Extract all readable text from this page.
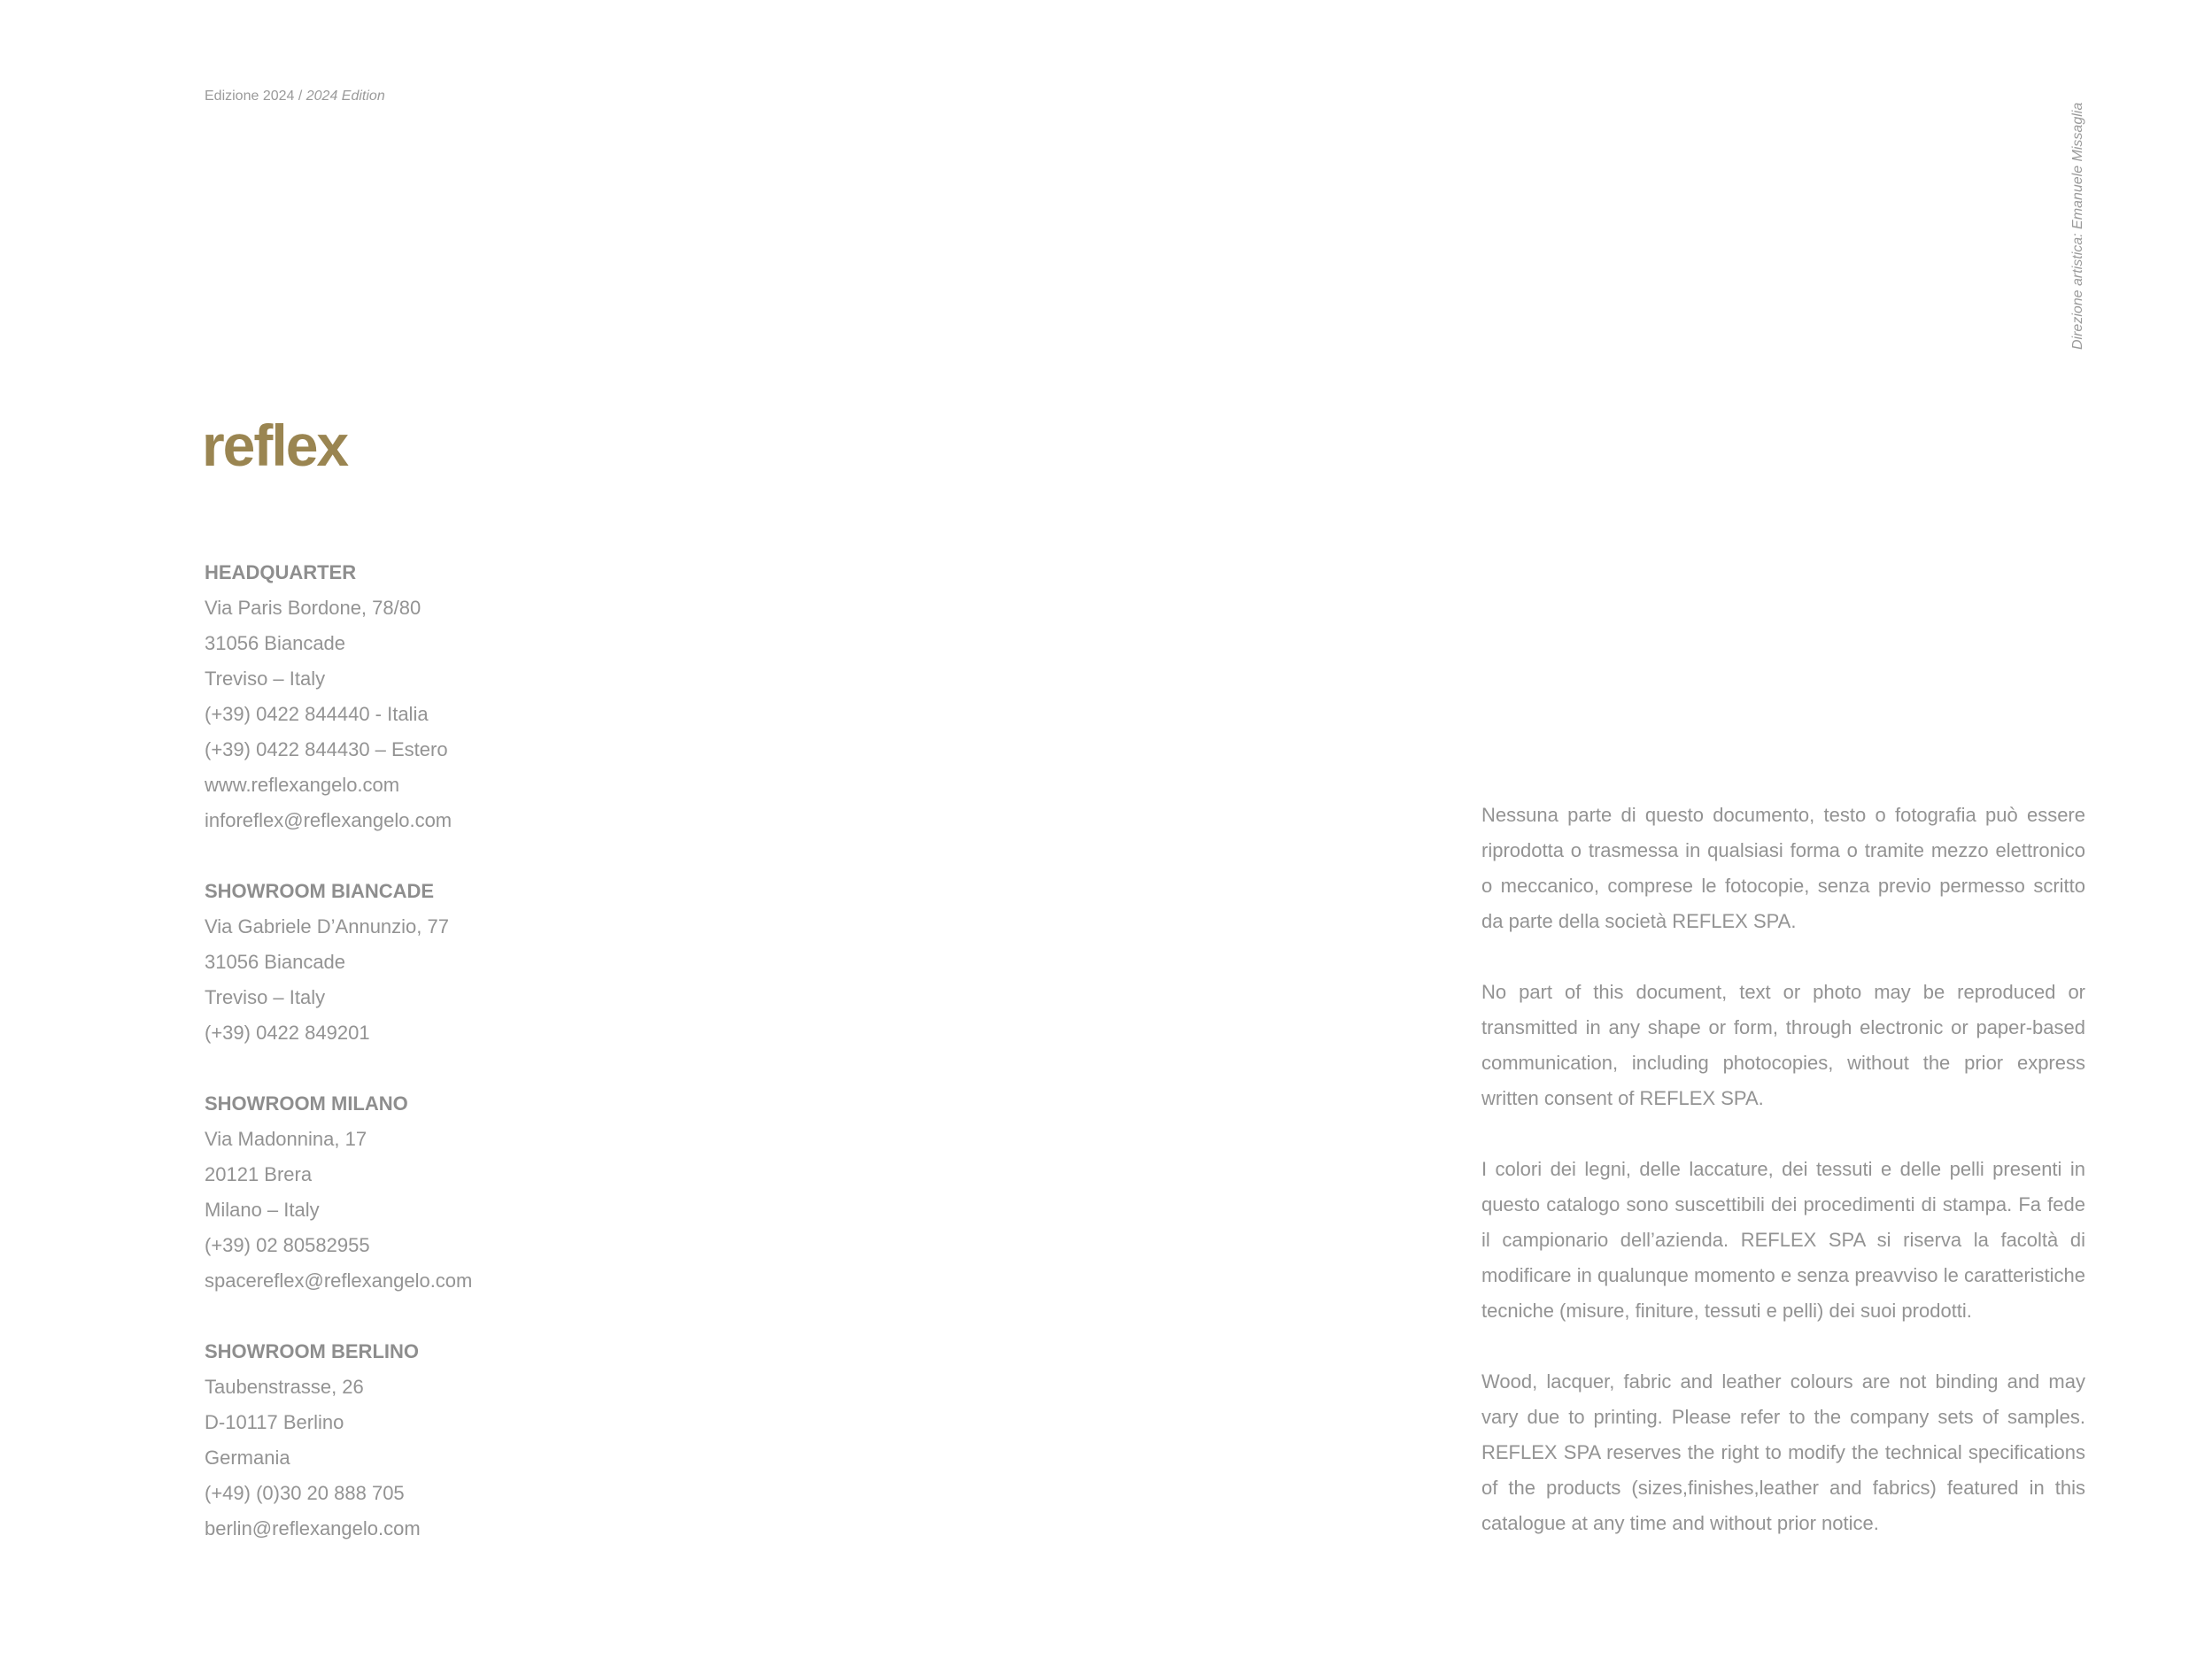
Edizione 2024 / 2024 Edition
Direzione artistica: Emanuele Missaglia
reflex
HEADQUARTER
Via Paris Bordone, 78/80
31056 Biancade
Treviso – Italy
(+39) 0422 844440 - Italia
(+39) 0422 844430 – Estero
www.reflexangelo.com
inforeflex@reflexangelo.com
SHOWROOM BIANCADE
Via Gabriele D’Annunzio, 77
31056 Biancade
Treviso – Italy
(+39) 0422 849201
SHOWROOM MILANO
Via Madonnina, 17
20121 Brera
Milano – Italy
(+39) 02 80582955
spacereflex@reflexangelo.com
SHOWROOM BERLINO
Taubenstrasse, 26
D-10117 Berlino
Germania
(+49) (0)30 20 888 705
berlin@reflexangelo.com

Nessuna parte di questo documento, testo o fotografia può essere riprodotta o trasmessa in qualsiasi forma o tramite mezzo elettronico o meccanico, comprese le fotocopie, senza previo permesso scritto da parte della società REFLEX SPA.

No part of this document, text or photo may be reproduced or transmitted in any shape or form, through electronic or paper-based communication, including photocopies, without the prior express written consent of REFLEX SPA.

I colori dei legni, delle laccature, dei tessuti e delle pelli presenti in questo catalogo sono suscettibili dei procedimenti di stampa. Fa fede il campionario dell’azienda. REFLEX SPA si riserva la facoltà di modificare in qualunque momento e senza preavviso le caratteristiche tecniche (misure, finiture, tessuti e pelli) dei suoi prodotti.

Wood, lacquer, fabric and leather colours are not binding and may vary due to printing. Please refer to the company sets of samples. REFLEX SPA reserves the right to modify the technical specifications of the products (sizes,finishes,leather and fabrics) featured in this catalogue at any time and without prior notice.
